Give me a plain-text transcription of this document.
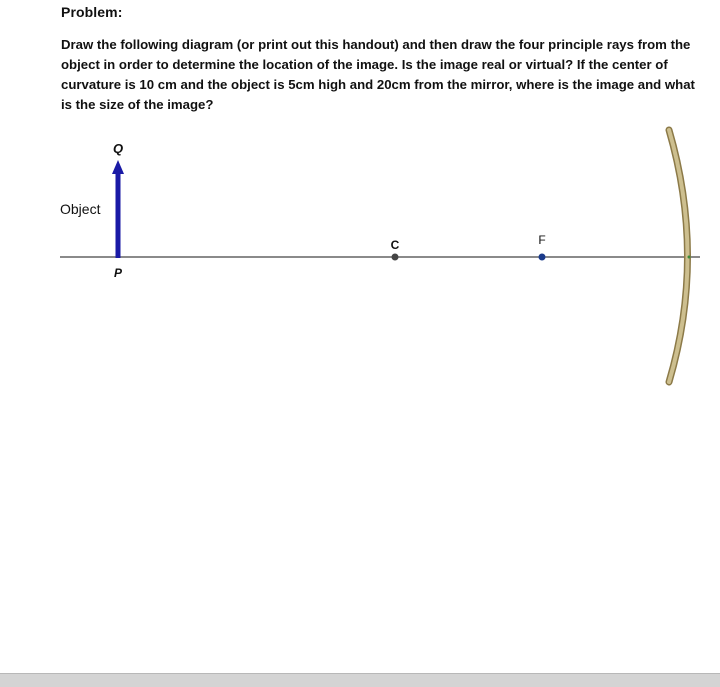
Problem:
Draw the following diagram (or print out this handout) and then draw the four principle rays from the object in order to determine the location of the image. Is the image real or virtual? If the center of curvature is 10 cm and the object is 5cm high and 20cm from the mirror, where is the image and what is the size of the image?
Q
Object
C	F
P
